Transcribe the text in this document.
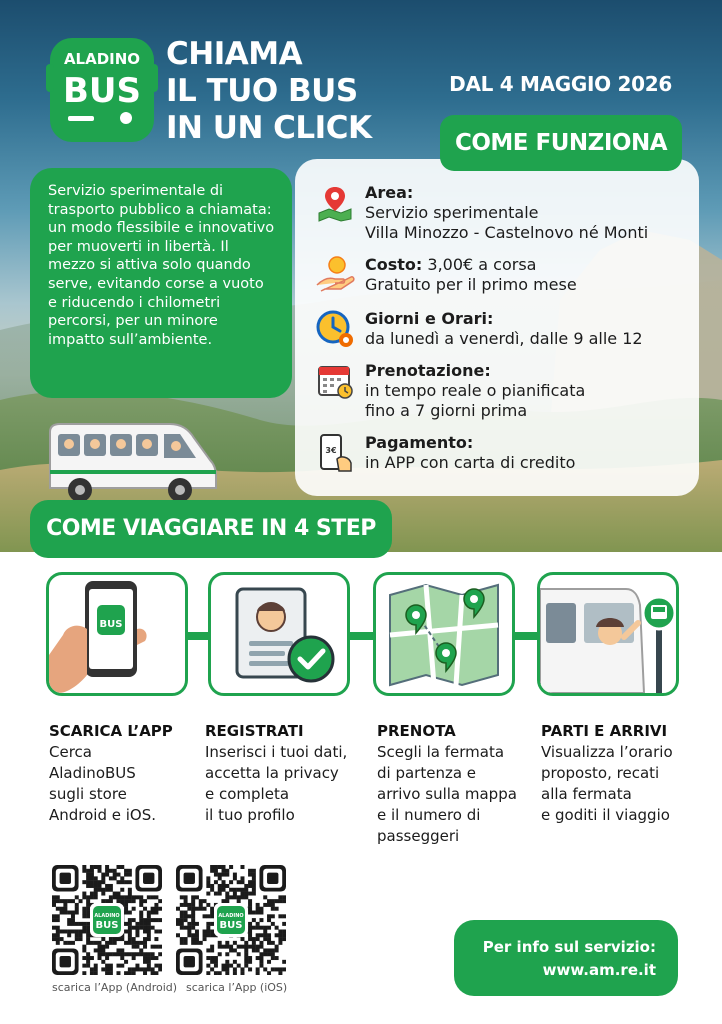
ALADINO
BUS
CHIAMA
IL TUO BUS
IN UN CLICK
DAL 4 MAGGIO 2026
COME FUNZIONA
Servizio sperimentale di trasporto pubblico a chiamata: un modo flessibile e innovativo per muoverti in libertà. Il mezzo si attiva solo quando serve, evitando corse a vuoto e riducendo i chilometri percorsi, per un minore impatto sull’ambiente.
Area:
Servizio sperimentale
Villa Minozzo - Castelnovo né Monti
Costo: 3,00€ a corsa
Gratuito per il primo mese
Giorni e Orari:
da lunedì a venerdì, dalle 9 alle 12
Prenotazione:
in tempo reale o pianificata
fino a 7 giorni prima
3€ Pagamento:
in APP con carta di credito
COME VIAGGIARE IN 4 STEP
BUS
SCARICA L’APP
Cerca
AladinoBUS
sugli store
Android e iOS.
REGISTRATI
Inserisci i tuoi dati,
accetta la privacy
e completa
il tuo profilo
PRENOTA
Scegli la fermata
di partenza e
arrivo sulla mappa
e il numero di
passeggeri
PARTI E ARRIVI
Visualizza l’orario
proposto, recati
alla fermata
e goditi il viaggio
ALADINO
BUS
scarica l’App (Android)
ALADINO
BUS
scarica l’App (iOS)
Per info sul servizio:
www.am.re.it
